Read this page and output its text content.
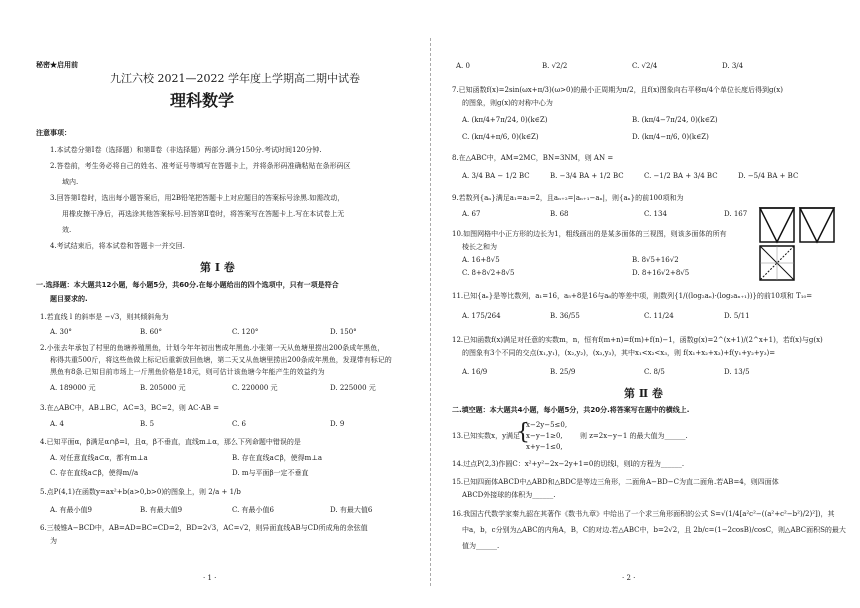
秘密★启用前
九江六校 2021—2022 学年度上学期高二期中试卷
理科数学
注意事项：
1.本试卷分第Ⅰ卷（选择题）和第Ⅱ卷（非选择题）两部分.满分150分.考试时间120分钟.
2.答卷前，考生务必将自己的姓名、准考证号等填写在答题卡上，并将条形码准确粘贴在条形码区
域内.
3.回答第Ⅰ卷时，选出每小题答案后，用2B铅笔把答题卡上对应题目的答案标号涂黑.如需改动，
用橡皮擦干净后，再选涂其他答案标号.回答第Ⅱ卷时，将答案写在答题卡上.写在本试卷上无
效.
4.考试结束后，将本试卷和答题卡一并交回.
第 Ⅰ 卷
一.选择题：本大题共12小题，每小题5分，共60分.在每小题给出的四个选项中，只有一项是符合
题目要求的.
1.若直线 l 的斜率是 −√3，则其倾斜角为
A. 30°	B. 60°	C. 120°	D. 150°
2.小张去年承包了村里的鱼塘养殖黑鱼，计划今年年初出售成年黑鱼.小张第一天从鱼塘里捞出200条成年黑鱼，
称得共重500斤，将这些鱼做上标记后重新放回鱼塘，第二天又从鱼塘里捞出200条成年黑鱼，发现带有标记的
黑鱼有8条.已知目前市场上一斤黑鱼价格是18元，则可估计该鱼塘今年能产生的效益约为
A. 189000 元	B. 205000 元	C. 220000 元	D. 225000 元
3.在△ABC中，AB⊥BC，AC=3，BC=2，则 AC·AB =
A. 4	B. 5	C. 6	D. 9
4.已知平面α，β满足α∩β=l，且α，β不垂直，直线m⊥α，那么下列命题中错误的是
A. 对任意直线a⊂α，都有m⊥a	B. 存在直线a⊂β，使得m⊥a
C. 存在直线a⊂β，使得m//a	D. m与平面β一定不垂直
5.点P(4,1)在函数y=ax²+b(a>0,b>0)的图象上，则 2/a + 1/b
A. 有最小值9	B. 有最大值9	C. 有最小值6	D. 有最大值6
6.三棱锥A−BCD中，AB=AD=BC=CD=2，BD=2√3，AC=√2，则异面直线AB与CD所成角的余弦值
为
· 1 ·
A. 0	B. √2/2	C. √2/4	D. 3/4
7.已知函数f(x)=2sin(ωx+π/3)(ω>0)的最小正周期为π/2，且f(x)图象向右平移π/4个单位长度后得到g(x)
的图象，则g(x)的对称中心为
A. (kπ/4+7π/24, 0)(k∈Z)	B. (kπ/4−7π/24, 0)(k∈Z)
C. (kπ/4+π/6, 0)(k∈Z)	D. (kπ/4−π/6, 0)(k∈Z)
8.在△ABC中，AM=2MC，BN=3NM，则 AN =
A. 3/4 BA − 1/2 BC	B. −3/4 BA + 1/2 BC	C. −1/2 BA + 3/4 BC	D. −5/4 BA + BC
9.若数列{aₙ}满足a₁=a₂=2，且aₙ₊₂=|aₙ₊₁−aₙ|，则{aₙ}的前100项和为
A. 67	B. 68	C. 134	D. 167
10.如图网格中小正方形的边长为1，粗线画出的是某多面体的三视图，则该多面体的所有
棱长之和为
A. 16+8√5	B. 8√5+16√2
C. 8+8√2+8√5	D. 8+16√2+8√5
11.已知{aₙ}是等比数列，a₁=16，a₅+8是16与a₆的等差中项，则数列{1/((log₂aₙ)·(log₂aₙ₊₁))}的前10项和 T₁₀=
A. 175/264	B. 36/55	C. 11/24	D. 5/11
12.已知函数f(x)满足对任意的实数m，n，恒有f(m+n)=f(m)+f(n)−1，函数g(x)=2^(x+1)/(2^x+1)，若f(x)与g(x)
的图象有3个不同的交点(x₁,y₁)，(x₂,y₂)，(x₃,y₃)，其中x₁<x₂<x₃，则 f(x₁+x₂+x₃)+f(y₁+y₂+y₃)=
A. 16/9	B. 25/9	C. 8/5	D. 13/5
第 Ⅱ 卷
二.填空题：本大题共4小题，每小题5分，共20分.将答案写在题中的横线上.
13.已知实数x，y满足
{
x−2y−5≤0,
x−y−1≥0,
x+y−1≤0,
则 z=2x−y−1 的最大值为______.
14.过点P(2,3)作圆C：x²+y²−2x−2y+1=0的切线l，则l的方程为______.
15.已知四面体ABCD中△ABD和△BDC是等边三角形，二面角A−BD−C为直二面角.若AB=4，则四面体
ABCD外接球的体积为______.
16.我国古代数学家秦九韶在其著作《数书九章》中给出了一个求三角形面积的公式 S=√(1/4[a²c²−((a²+c²−b²)/2)²])，其
中a，b，c分别为△ABC的内角A，B，C的对边.若△ABC中，b=2√2，且 2b/c=(1−2cosB)/cosC，则△ABC面积S的最大
值为______.
· 2 ·
